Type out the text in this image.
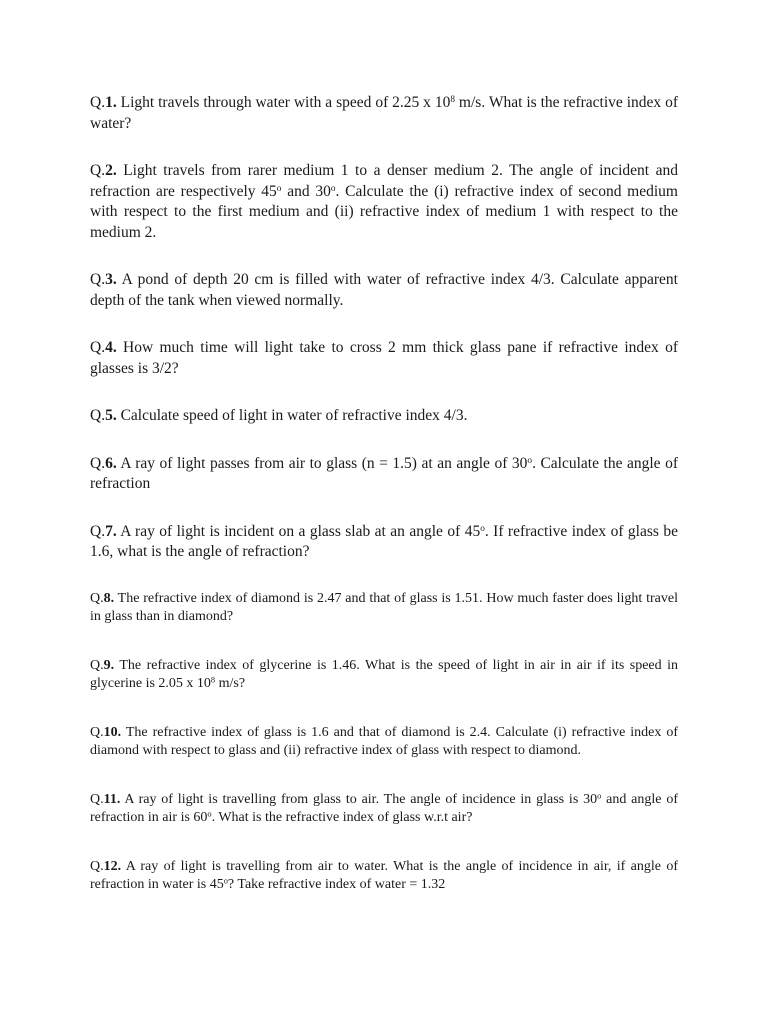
Q.1. Light travels through water with a speed of 2.25 x $10^8$ m/s. What is the refractive index of water?

Q.2. Light travels from rarer medium 1 to a denser medium 2. The angle of incident and refraction are respectively 45$^o$ and 30$^o$. Calculate the (i) refractive index of second medium with respect to the first medium and (ii) refractive index of medium 1 with respect to the medium 2.

Q.3. A pond of depth 20 cm is filled with water of refractive index 4/3. Calculate apparent depth of the tank when viewed normally.

Q.4. How much time will light take to cross 2 mm thick glass pane if refractive index of glasses is 3/2?

Q.5. Calculate speed of light in water of refractive index 4/3.

Q.6. A ray of light passes from air to glass (n = 1.5) at an angle of 30$^o$. Calculate the angle of refraction

Q.7. A ray of light is incident on a glass slab at an angle of 45$^o$. If refractive index of glass be 1.6, what is the angle of refraction?

Q.8. The refractive index of diamond is 2.47 and that of glass is 1.51. How much faster does light travel in glass than in diamond?

Q.9. The refractive index of glycerine is 1.46. What is the speed of light in air in air if its speed in glycerine is 2.05 x $10^8$ m/s?

Q.10. The refractive index of glass is 1.6 and that of diamond is 2.4. Calculate (i) refractive index of diamond with respect to glass and (ii) refractive index of glass with respect to diamond.

Q.11. A ray of light is travelling from glass to air. The angle of incidence in glass is 30$^o$ and angle of refraction in air is 60$^o$. What is the refractive index of glass w.r.t air?

Q.12. A ray of light is travelling from air to water. What is the angle of incidence in air, if angle of refraction in water is 45$^o$? Take refractive index of water = 1.32
